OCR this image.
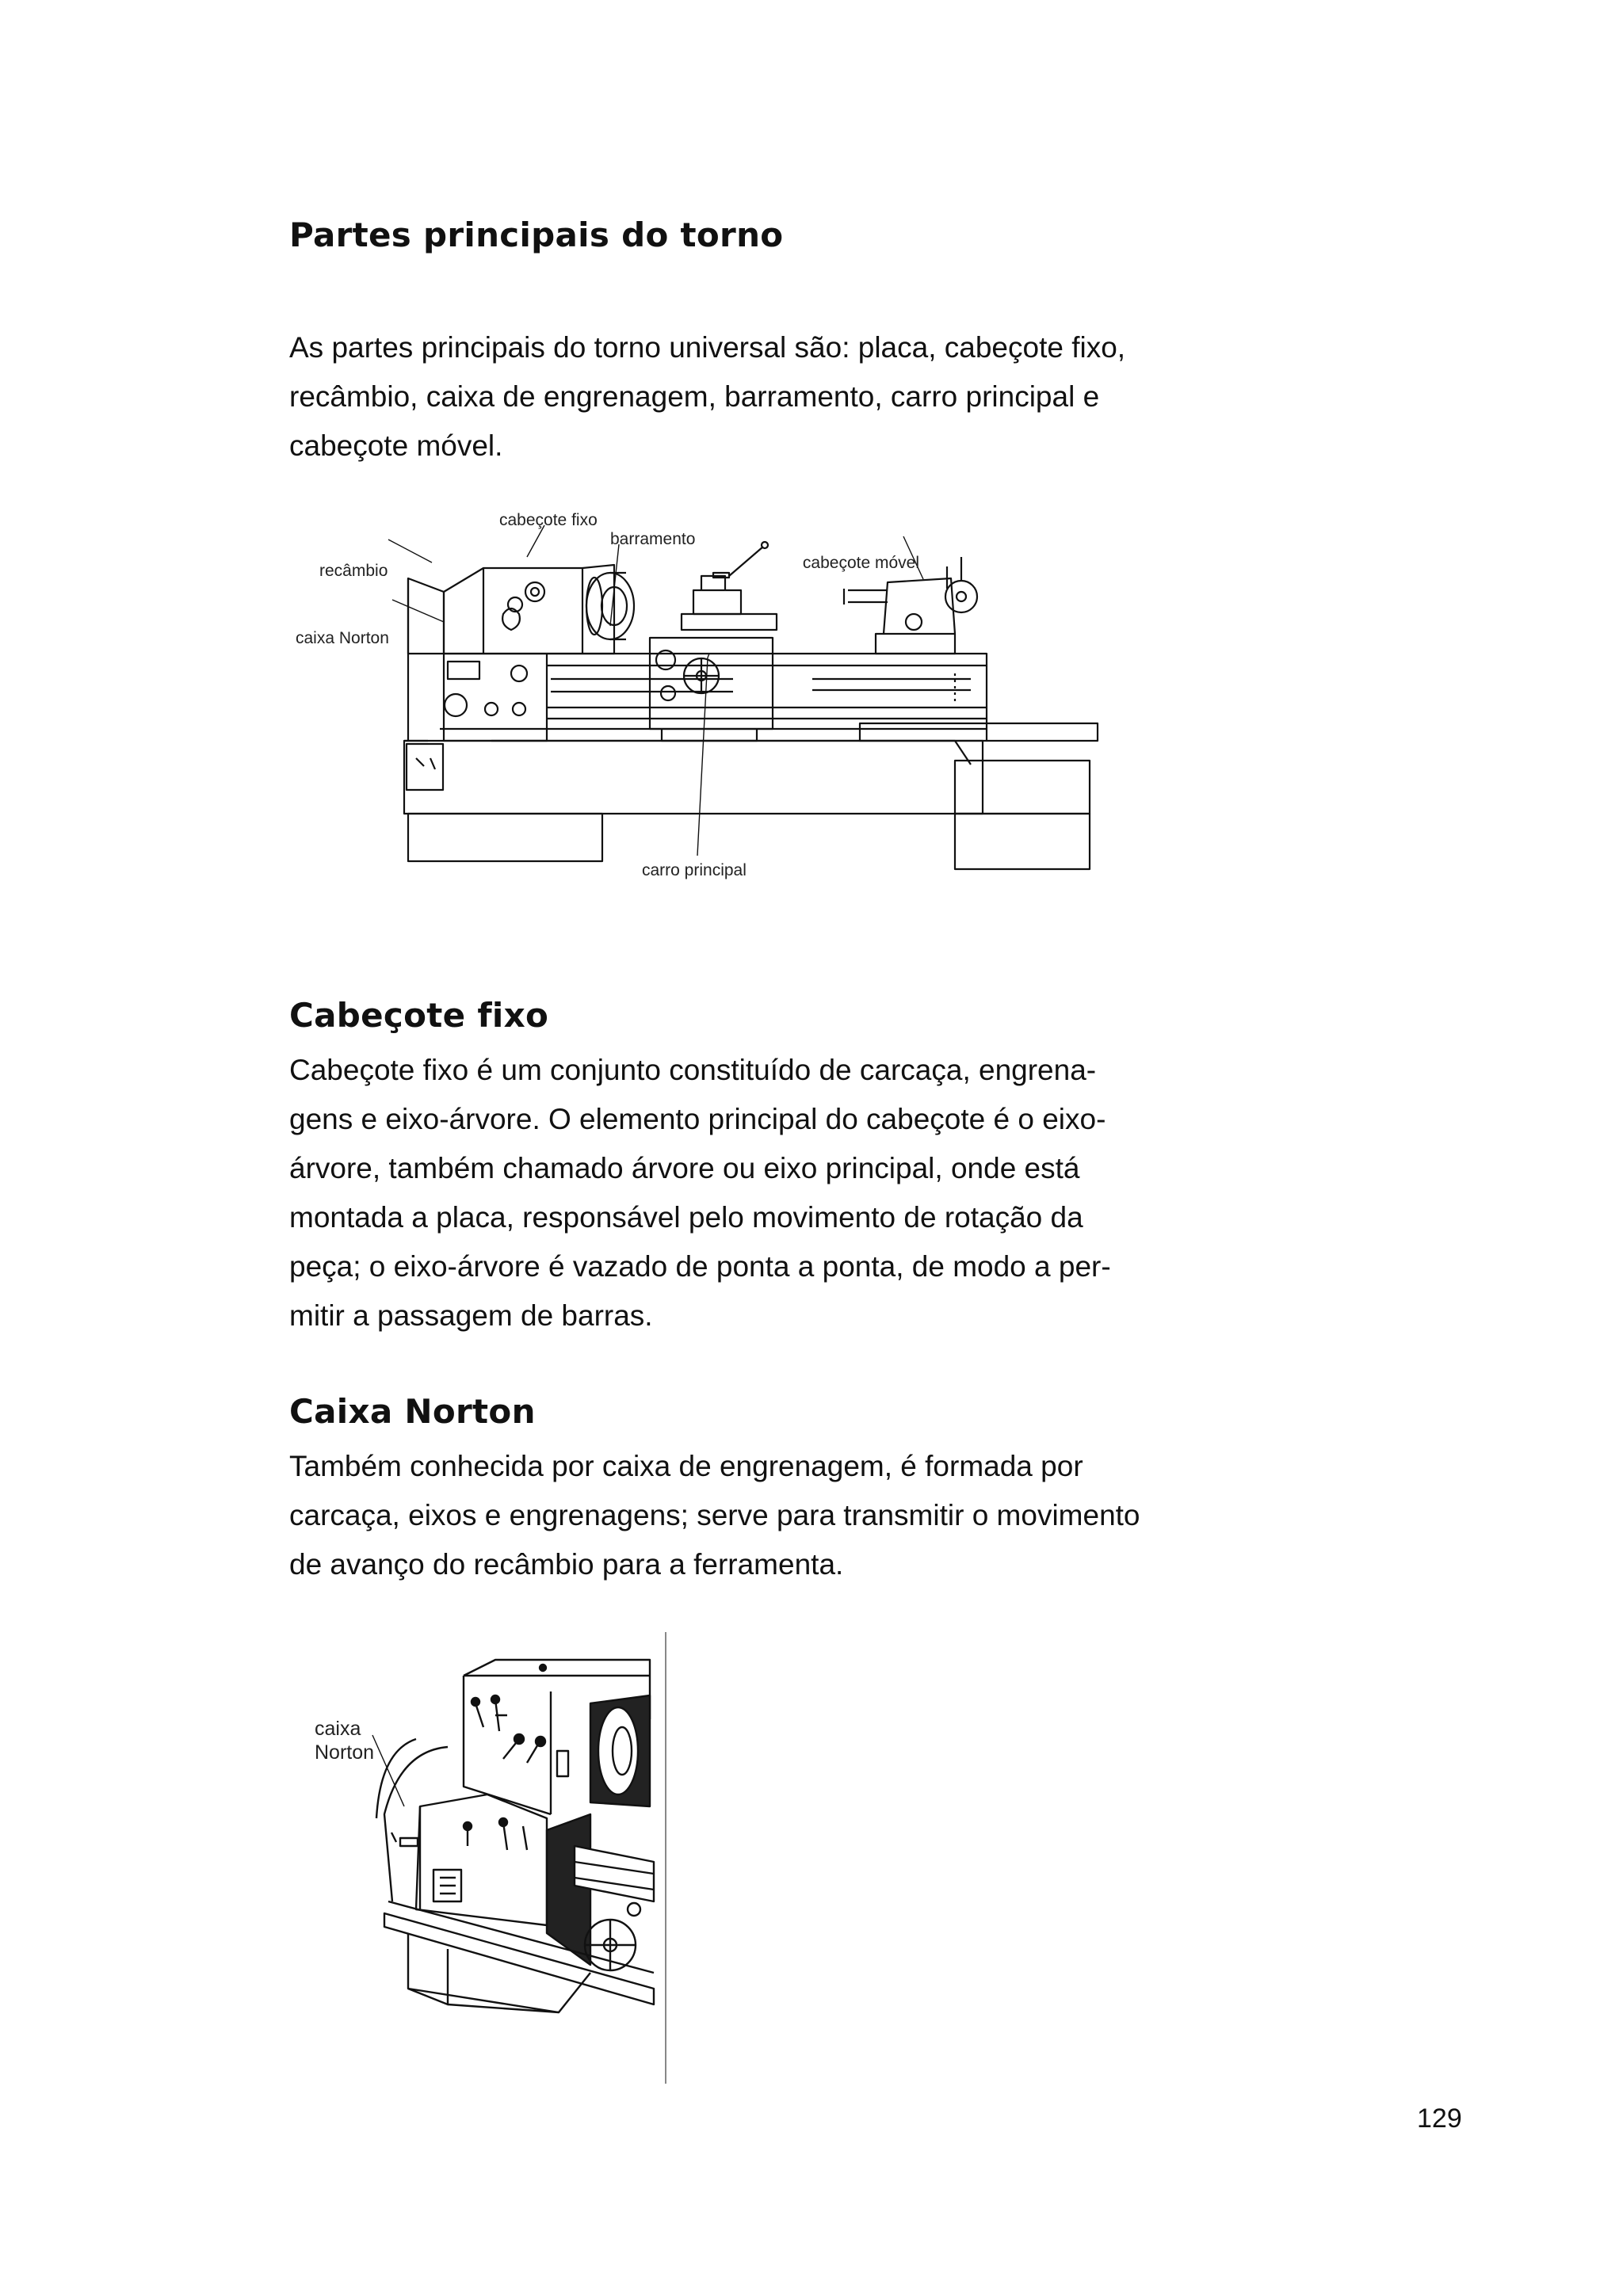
Partes principais do torno

As partes principais do torno universal são: placa, cabeçote fixo,
recâmbio, caixa de engrenagem, barramento, carro principal e
cabeçote móvel.

cabeçote fixo
barramento
cabeçote móvel
recâmbio
caixa Norton
carro principal
Cabeçote fixo

Cabeçote fixo é um conjunto constituído de carcaça, engrena-
gens e eixo-árvore. O elemento principal do cabeçote é o eixo-
árvore, também chamado árvore ou eixo principal, onde está
montada a placa, responsável pelo movimento de rotação da
peça; o eixo-árvore é vazado de ponta a ponta, de modo a per-
mitir a passagem de barras.

Caixa Norton

Também conhecida por caixa de engrenagem, é formada por
carcaça, eixos e engrenagens; serve para transmitir o movimento
de avanço do recâmbio para a ferramenta.

caixa
Norton

129
